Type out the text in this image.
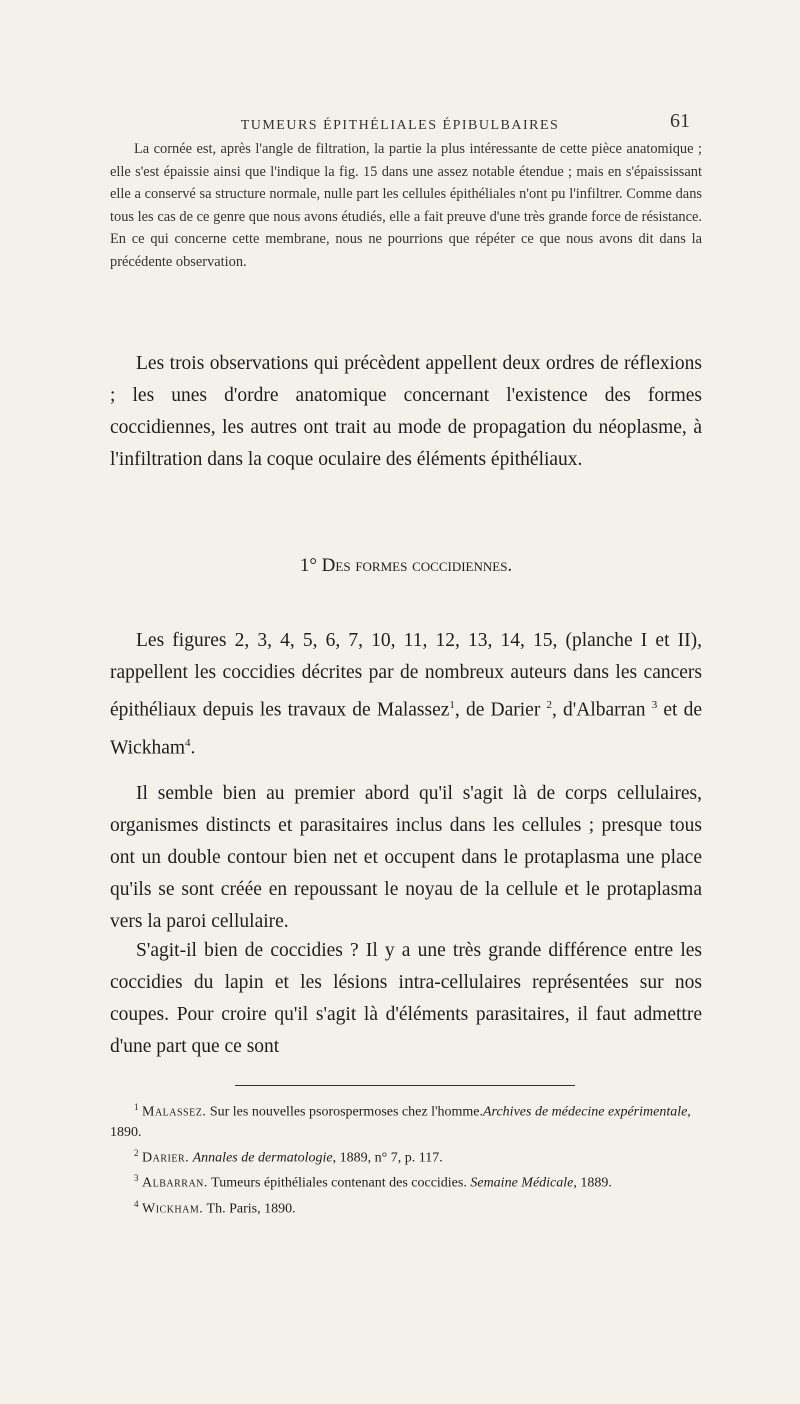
TUMEURS ÉPITHÉLIALES ÉPIBULBAIRES	61

La cornée est, après l'angle de filtration, la partie la plus intéressante de cette pièce anatomique ; elle s'est épaissie ainsi que l'indique la fig. 15 dans une assez notable étendue ; mais en s'épaississant elle a conservé sa structure normale, nulle part les cellules épithéliales n'ont pu l'infiltrer. Comme dans tous les cas de ce genre que nous avons étudiés, elle a fait preuve d'une très grande force de résistance. En ce qui concerne cette membrane, nous ne pourrions que répéter ce que nous avons dit dans la précédente observation.

Les trois observations qui précèdent appellent deux ordres de réflexions ; les unes d'ordre anatomique concernant l'existence des formes coccidiennes, les autres ont trait au mode de propagation du néoplasme, à l'infiltration dans la coque oculaire des éléments épithéliaux.

1° Des formes coccidiennes.

Les figures 2, 3, 4, 5, 6, 7, 10, 11, 12, 13, 14, 15, (planche I et II), rappellent les coccidies décrites par de nombreux auteurs dans les cancers épithéliaux depuis les travaux de Malassez$^1$, de Darier $^2$, d'Albarran $^3$ et de Wickham$^4$.

Il semble bien au premier abord qu'il s'agit là de corps cellulaires, organismes distincts et parasitaires inclus dans les cellules ; presque tous ont un double contour bien net et occupent dans le protaplasma une place qu'ils se sont créée en repoussant le noyau de la cellule et le protaplasma vers la paroi cellulaire.

S'agit-il bien de coccidies ? Il y a une très grande différence entre les coccidies du lapin et les lésions intra-cellulaires représentées sur nos coupes. Pour croire qu'il s'agit là d'éléments parasitaires, il faut admettre d'une part que ce sont

$^1$ Malassez. Sur les nouvelles psorospermoses chez l'homme.Archives de médecine expérimentale, 1890.

$^2$ Darier. Annales de dermatologie, 1889, n° 7, p. 117.

$^3$ Albarran. Tumeurs épithéliales contenant des coccidies. Semaine Médicale, 1889.

$^4$ Wickham. Th. Paris, 1890.
